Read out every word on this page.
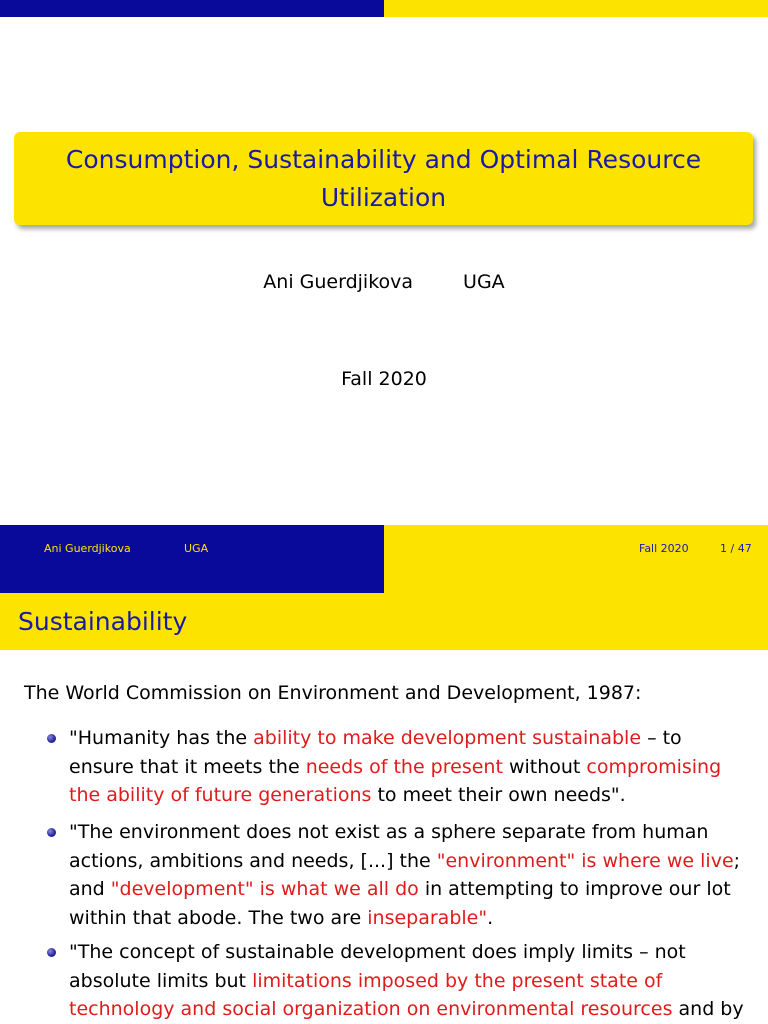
Consumption, Sustainability and Optimal Resource Utilization
Ani Guerdjikova	UGA
Fall 2020
Ani Guerdjikova	UGA	Fall 2020	1 / 47
Sustainability
The World Commission on Environment and Development, 1987:
"Humanity has the ability to make development sustainable – to ensure that it meets the needs of the present without compromising the ability of future generations to meet their own needs".
"The environment does not exist as a sphere separate from human actions, ambitions and needs, [...] the "environment" is where we live; and "development" is what we all do in attempting to improve our lot within that abode. The two are inseparable".
"The concept of sustainable development does imply limits – not absolute limits but limitations imposed by the present state of technology and social organization on environmental resources and by
